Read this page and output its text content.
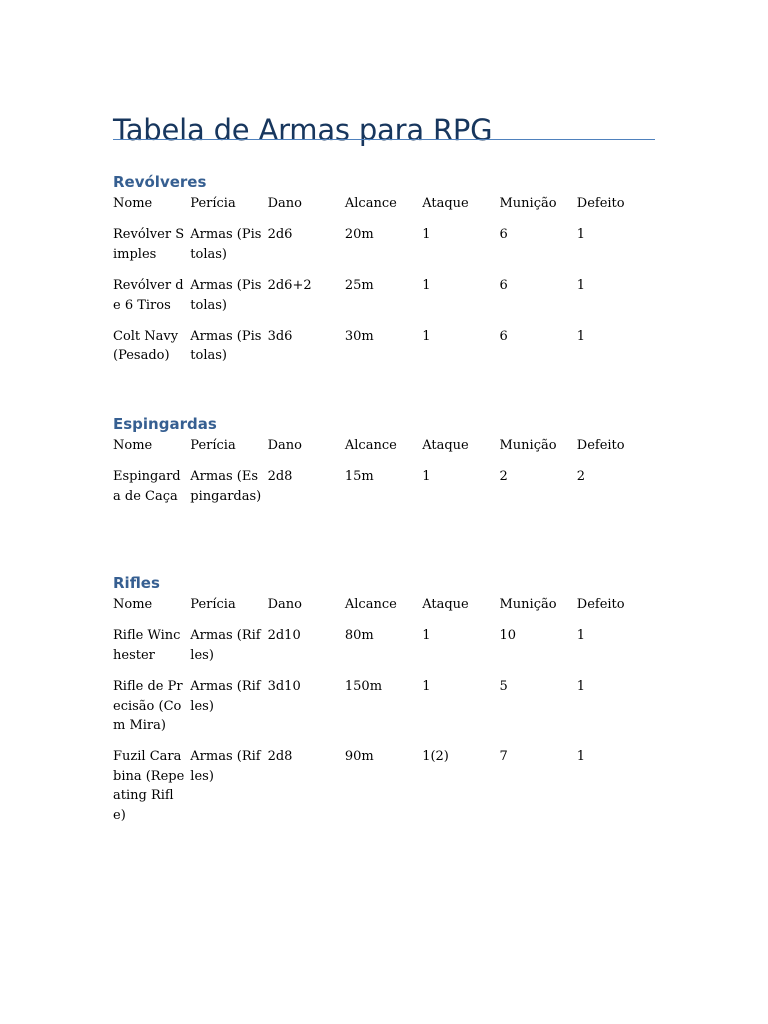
Tabela de Armas para RPG
Revólveres
Nome	Perícia	Dano	Alcance	Ataque	Munição	Defeito
Revólver Simples	Armas (Pistolas)	2d6	20m	1	6	1
Revólver de 6 Tiros	Armas (Pistolas)	2d6+2	25m	1	6	1
Colt Navy (Pesado)	Armas (Pistolas)	3d6	30m	1	6	1
Espingardas
Nome	Perícia	Dano	Alcance	Ataque	Munição	Defeito
Espingarda de Caça	Armas (Espingardas)	2d8	15m	1	2	2
Rifles
Nome	Perícia	Dano	Alcance	Ataque	Munição	Defeito
Rifle Winchester	Armas (Rifles)	2d10	80m	1	10	1
Rifle de Precisão (Com Mira)	Armas (Rifles)	3d10	150m	1	5	1
Fuzil Carabina (Repeating Rifle)	Armas (Rifles)	2d8	90m	1(2)	7	1
